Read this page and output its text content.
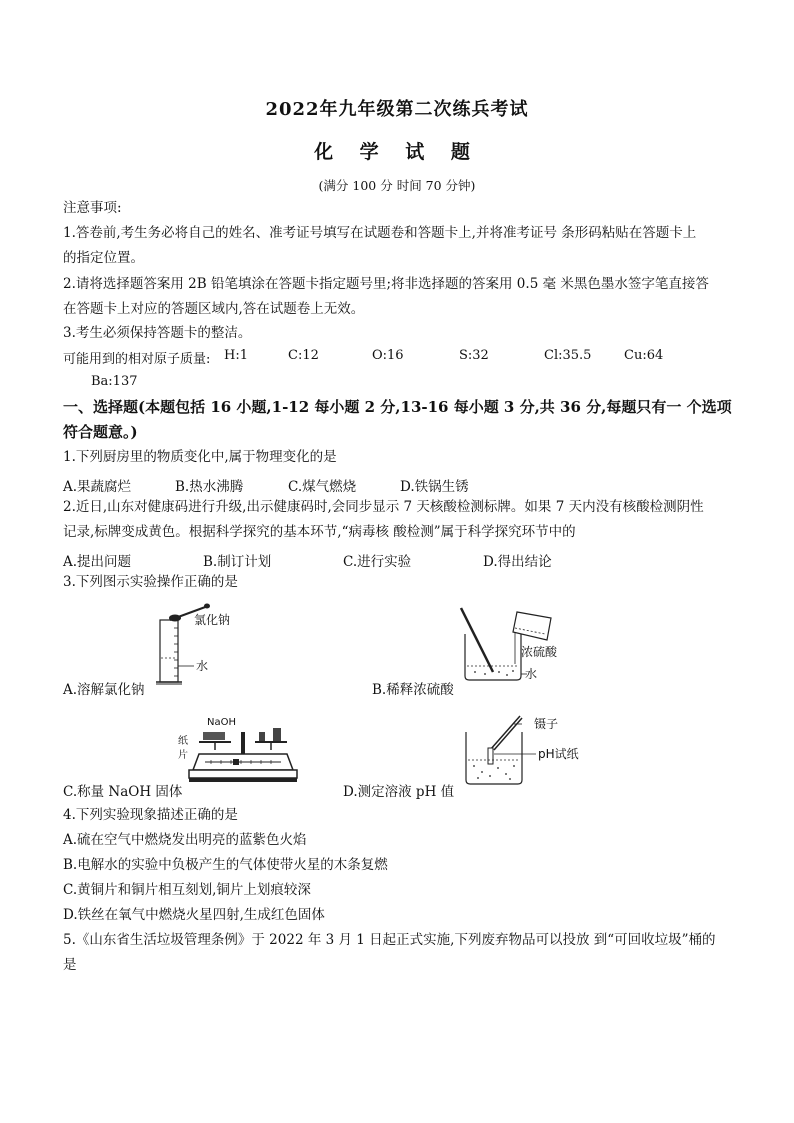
2022年九年级第二次练兵考试
化 学 试 题
(满分 100 分 时间 70 分钟)
注意事项:
1.答卷前,考生务必将自己的姓名、准考证号填写在试题卷和答题卡上,并将准考证号 条形码粘贴在答题卡上
的指定位置。
2.请将选择题答案用 2B 铅笔填涂在答题卡指定题号里;将非选择题的答案用 0.5 毫 米黑色墨水签字笔直接答
在答题卡上对应的答题区域内,答在试题卷上无效。
3.考生必须保持答题卡的整洁。
可能用到的相对原子质量: H:1	C:12	O:16	S:32	Cl:35.5	Cu:64
Ba:137
一、选择题(本题包括 16 小题,1-12 每小题 2 分,13-16 每小题 3 分,共 36 分,每题只有一 个选项
符合题意。)
1.下列厨房里的物质变化中,属于物理变化的是
A.果蔬腐烂	B.热水沸腾	C.煤气燃烧	D.铁锅生锈
2.近日,山东对健康码进行升级,出示健康码时,会同步显示 7 天核酸检测标牌。如果 7 天内没有核酸检测阴性
记录,标牌变成黄色。根据科学探究的基本环节,“病毒核 酸检测”属于科学探究环节中的
A.提出问题	B.制订计划	C.进行实验	D.得出结论
3.下列图示实验操作正确的是
氯化钠
水
A.溶解氯化钠
浓硫酸
水
B.稀释浓硫酸
NaOH
纸
片
C.称量 NaOH 固体
镊子
pH试纸
D.测定溶液 pH 值
4.下列实验现象描述正确的是
A.硫在空气中燃烧发出明亮的蓝紫色火焰
B.电解水的实验中负极产生的气体使带火星的木条复燃
C.黄铜片和铜片相互刻划,铜片上划痕较深
D.铁丝在氧气中燃烧火星四射,生成红色固体
5.《山东省生活垃圾管理条例》于 2022 年 3 月 1 日起正式实施,下列废弃物品可以投放 到“可回收垃圾”桶的
是
